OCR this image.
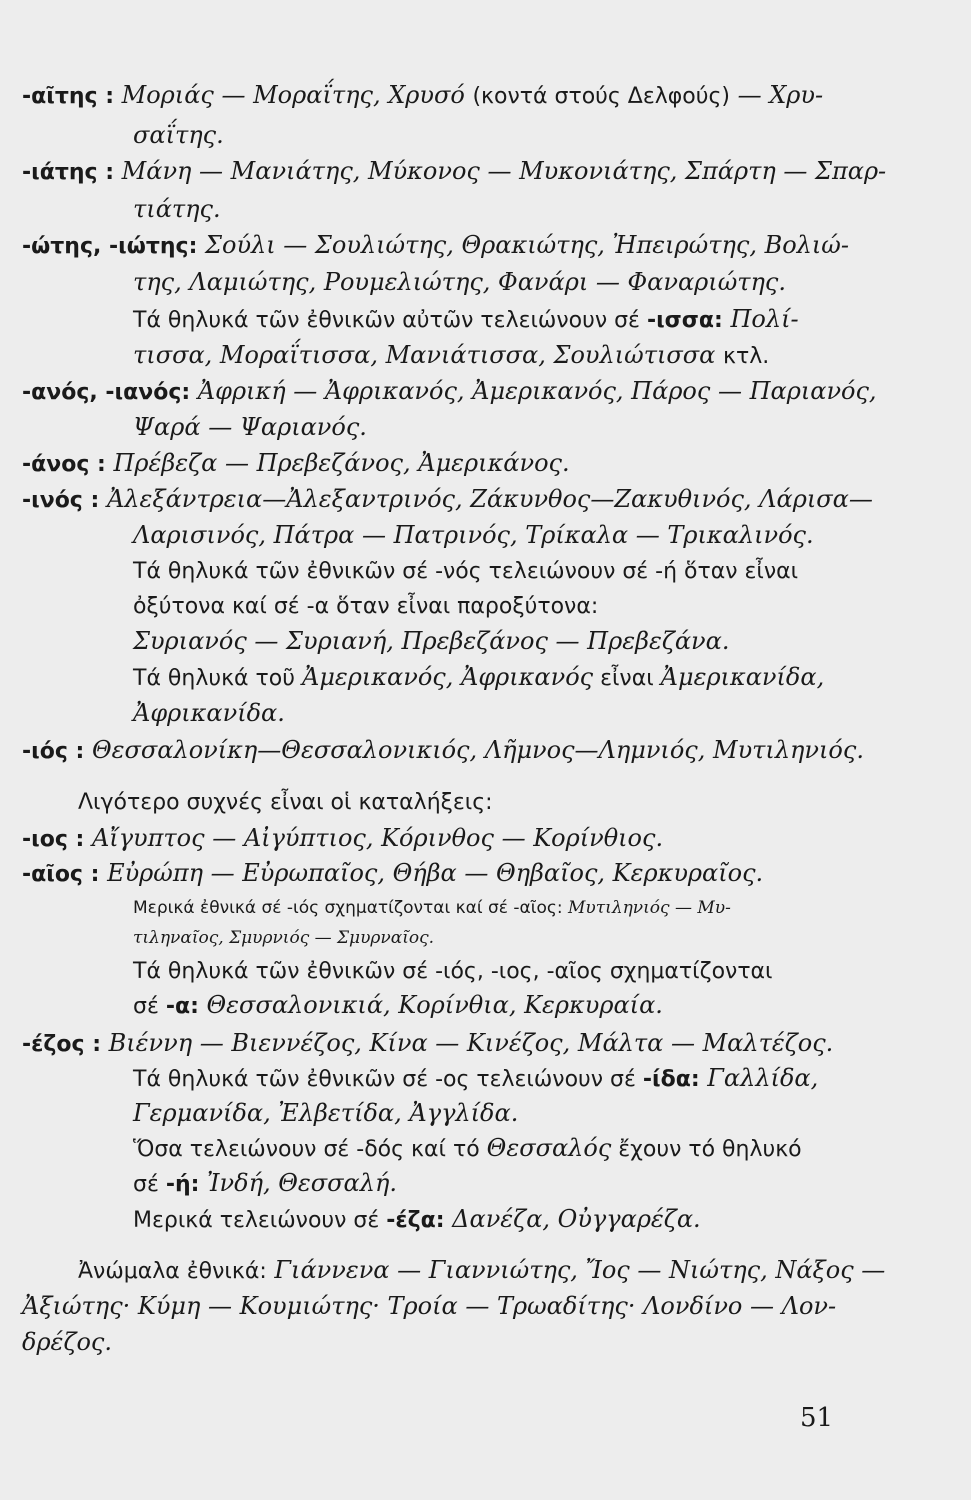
-αῖτης : Μοριάς — Μοραΐτης, Χρυσό (κοντά στούς Δελφούς) — Χρυ-
σαΐτης.
-ιάτης : Μάνη — Μανιάτης, Μύκονος — Μυκονιάτης, Σπάρτη — Σπαρ-
τιάτης.
-ώτης, -ιώτης: Σούλι — Σουλιώτης, Θρακιώτης, Ἠπειρώτης, Βολιώ-
της, Λαμιώτης, Ρουμελιώτης, Φανάρι — Φαναριώτης.
Τά θηλυκά τῶν ἐθνικῶν αὐτῶν τελειώνουν σέ -ισσα: Πολί-
τισσα, Μοραΐτισσα, Μανιάτισσα, Σουλιώτισσα κτλ.
-ανός, -ιανός: Ἀφρική — Ἀφρικανός, Ἀμερικανός, Πάρος — Παριανός,
Ψαρά — Ψαριανός.
-άνος : Πρέβεζα — Πρεβεζάνος, Ἀμερικάνος.
-ινός : Ἀλεξάντρεια—Ἀλεξαντρινός, Ζάκυνθος—Ζακυθινός, Λάρισα—
Λαρισινός, Πάτρα — Πατρινός, Τρίκαλα — Τρικαλινός.
Τά θηλυκά τῶν ἐθνικῶν σέ -νός τελειώνουν σέ -ή ὅταν εἶναι
ὀξύτονα καί σέ -α ὅταν εἶναι παροξύτονα:
Συριανός — Συριανή, Πρεβεζάνος — Πρεβεζάνα.
Τά θηλυκά τοῦ Ἀμερικανός, Ἀφρικανός εἶναι Ἀμερικανίδα,
Ἀφρικανίδα.
-ιός : Θεσσαλονίκη—Θεσσαλονικιός, Λῆμνος—Λημνιός, Μυτιληνιός.
Λιγότερο συχνές εἶναι οἱ καταλήξεις:
-ιος : Αἴγυπτος — Αἰγύπτιος, Κόρινθος — Κορίνθιος.
-αῖος : Εὐρώπη — Εὐρωπαῖος, Θήβα — Θηβαῖος, Κερκυραῖος.
Μερικά ἐθνικά σέ -ιός σχηματίζονται καί σέ -αῖος: Μυτιληνιός — Μυ-
τιληναῖος, Σμυρνιός — Σμυρναῖος.
Τά θηλυκά τῶν ἐθνικῶν σέ -ιός, -ιος, -αῖος σχηματίζονται
σέ -α: Θεσσαλονικιά, Κορίνθια, Κερκυραία.
-έζος : Βιέννη — Βιεννέζος, Κίνα — Κινέζος, Μάλτα — Μαλτέζος.
Τά θηλυκά τῶν ἐθνικῶν σέ -ος τελειώνουν σέ -ίδα: Γαλλίδα,
Γερμανίδα, Ἐλβετίδα, Ἀγγλίδα.
Ὅσα τελειώνουν σέ -δός καί τό Θεσσαλός ἔχουν τό θηλυκό
σέ -ή: Ἰνδή, Θεσσαλή.
Μερικά τελειώνουν σέ -έζα: Δανέζα, Οὐγγαρέζα.
Ἀνώμαλα ἐθνικά: Γιάννενα — Γιαννιώτης, Ἴος — Νιώτης, Νάξος —
Ἀξιώτης· Κύμη — Κουμιώτης· Τροία — Τρωαδίτης· Λονδίνο — Λον-
δρέζος.
51
